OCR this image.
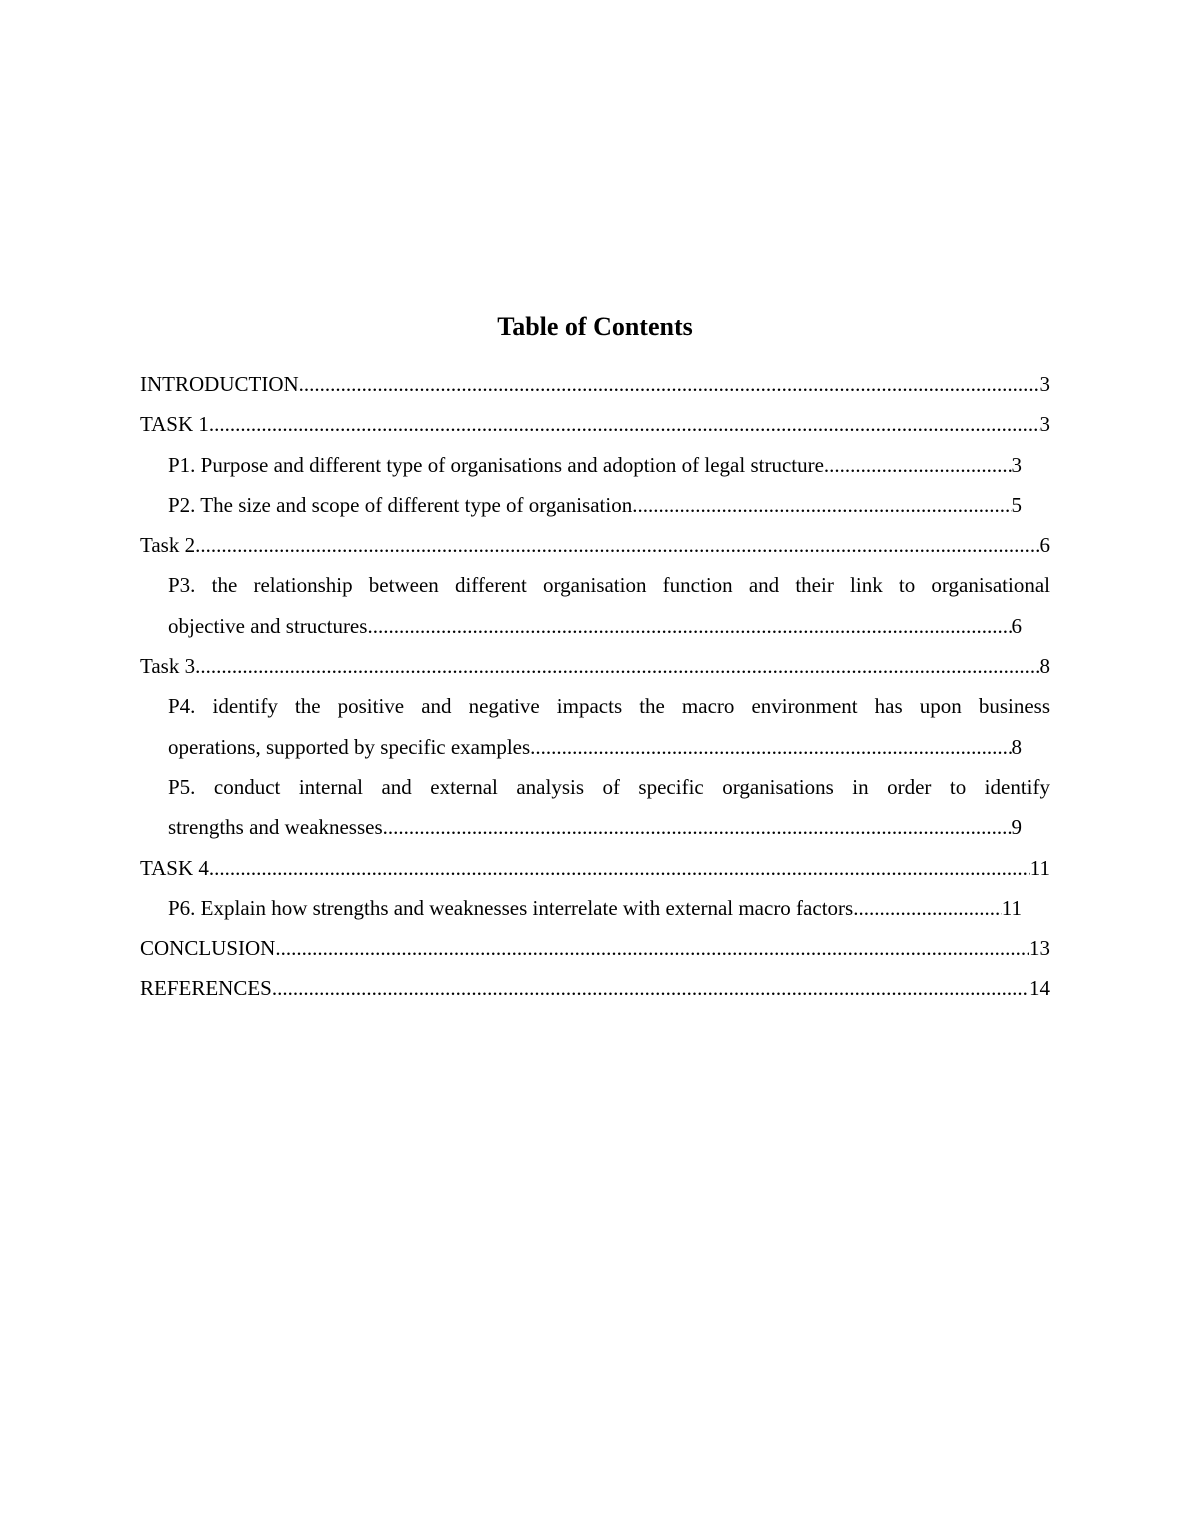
Table of Contents
INTRODUCTION .....	3
TASK 1 .....	3
P1. Purpose and different type of organisations and adoption of legal structure .....	3
P2. The size and scope of different type of organisation .....	5
Task 2 .....	6
P3. the relationship between different organisation function and their link to organisational
objective and structures .....	6
Task 3 .....	8
P4. identify the positive and negative impacts the macro environment has upon business
operations, supported by specific examples .....	8
P5. conduct internal and external analysis of specific organisations in order to identify
strengths and weaknesses .....	9
TASK 4 .....	11
P6. Explain how strengths and weaknesses interrelate with external macro factors .....	11
CONCLUSION .....	13
REFERENCES .....	14
